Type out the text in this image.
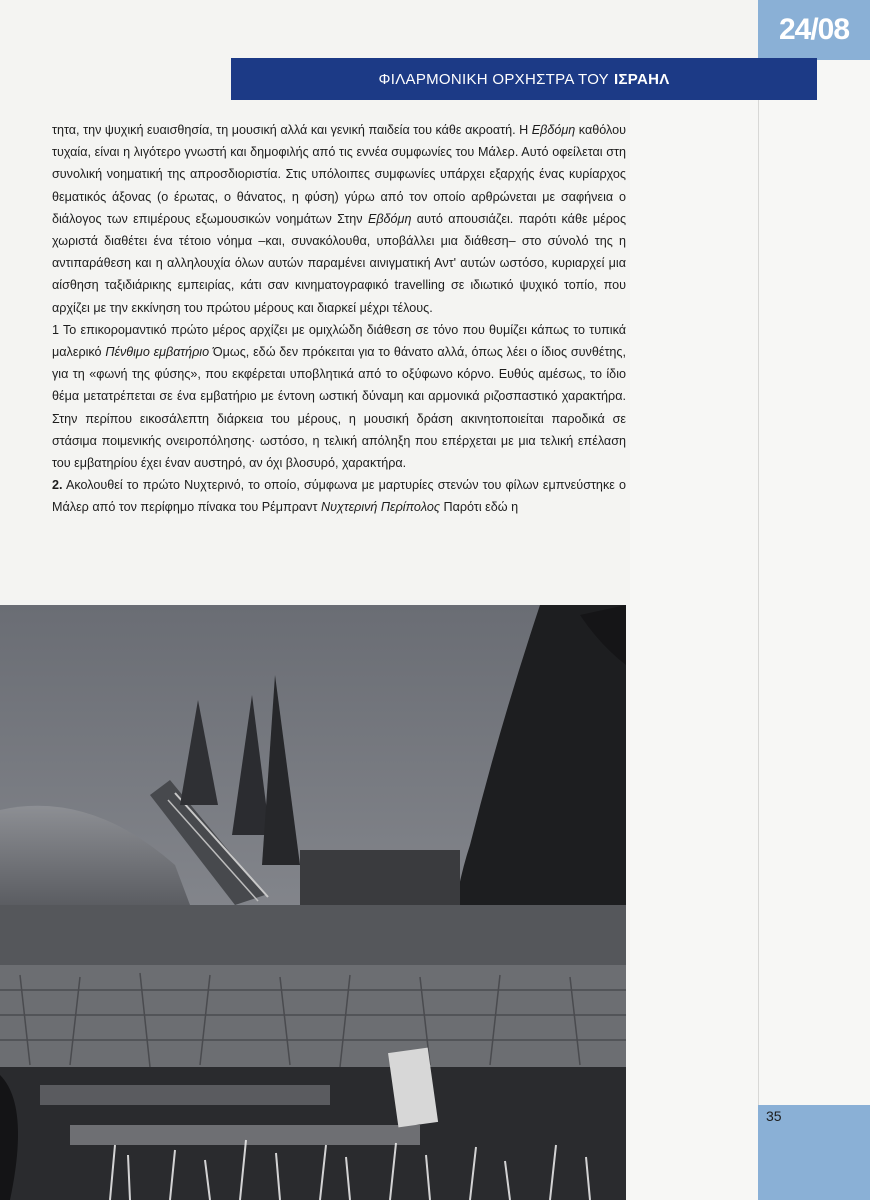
24/08
ΦΙΛΑΡΜΟΝΙΚΗ ΟΡΧΗΣΤΡΑ ΤΟΥ ΙΣΡΑΗΛ

τητα, την ψυχική ευαισθησία, τη μουσική αλλά και γενική παιδεία του κάθε ακροατή. Η Εβδόμη καθόλου τυχαία, είναι η λιγότερο γνωστή και δημοφιλής από τις εννέα συμφωνίες του Μάλερ. Αυτό οφείλεται στη συνολική νοηματική της απροσδιοριστία. Στις υπόλοιπες συμφωνίες υπάρχει εξαρχής ένας κυρίαρχος θεματικός άξονας (ο έρωτας, ο θάνατος, η φύση) γύρω από τον οποίο αρθρώνεται με σαφήνεια ο διάλογος των επιμέρους εξωμουσικών νοημάτων Στην Εβδόμη αυτό απουσιάζει. παρότι κάθε μέρος χωριστά διαθέτει ένα τέτοιο νόημα –και, συνακόλουθα, υποβάλλει μια διάθεση– στο σύνολό της η αντιπαράθεση και η αλληλουχία όλων αυτών παραμένει αινιγματική Αντ' αυτών ωστόσο, κυριαρχεί μια αίσθηση ταξιδιάρικης εμπειρίας, κάτι σαν κινηματογραφικό travelling σε ιδιωτικό ψυχικό τοπίο, που αρχίζει με την εκκίνηση του πρώτου μέρους και διαρκεί μέχρι τέλους.

1 Το επικορομαντικό πρώτο μέρος αρχίζει με ομιχλώδη διάθεση σε τόνο που θυμίζει κάπως το τυπικά μαλερικό Πένθιμο εμβατήριο Όμως, εδώ δεν πρόκειται για το θάνατο αλλά, όπως λέει ο ίδιος συνθέτης, για τη «φωνή της φύσης», που εκφέρεται υποβλητικά από το οξύφωνο κόρνο. Ευθύς αμέσως, το ίδιο θέμα μετατρέπεται σε ένα εμβατήριο με έντονη ωστική δύναμη και αρμονικά ριζοσπαστικό χαρακτήρα. Στην περίπου εικοσάλεπτη διάρκεια του μέρους, η μουσική δράση ακινητοποιείται παροδικά σε στάσιμα ποιμενικής ονειροπόλησης· ωστόσο, η τελική απόληξη που επέρχεται με μια τελική επέλαση του εμβατηρίου έχει έναν αυστηρό, αν όχι βλοσυρό, χαρακτήρα.

2. Ακολουθεί το πρώτο Νυχτερινό, το οποίο, σύμφωνα με μαρτυρίες στενών του φίλων εμπνεύστηκε ο Μάλερ από τον περίφημο πίνακα του Ρέμπραντ Νυχτερινή Περίπολος Παρότι εδώ η

35
